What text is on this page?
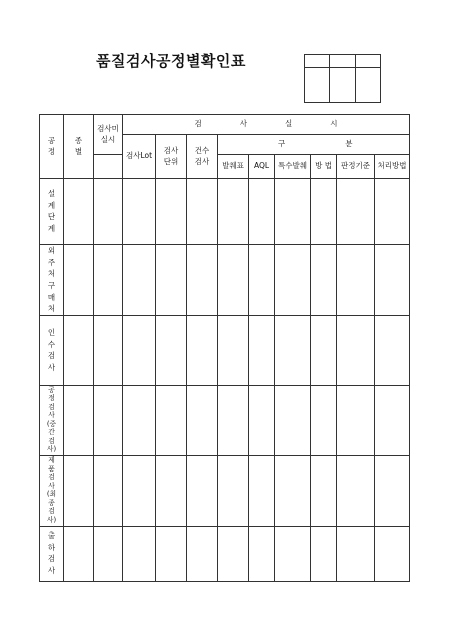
품질검사공정별확인표

공정	종별	검사미실시	검사실시								
			검사Lot	검사단위	건수검사	구분					
						발췌표	AQL	특수발췌	방 법	판정기준	처리방법
설계단계											
외주처구매처											
인수검사											
공정검사(중간검사)											
제품검사(최종검사)											
출하검사											
